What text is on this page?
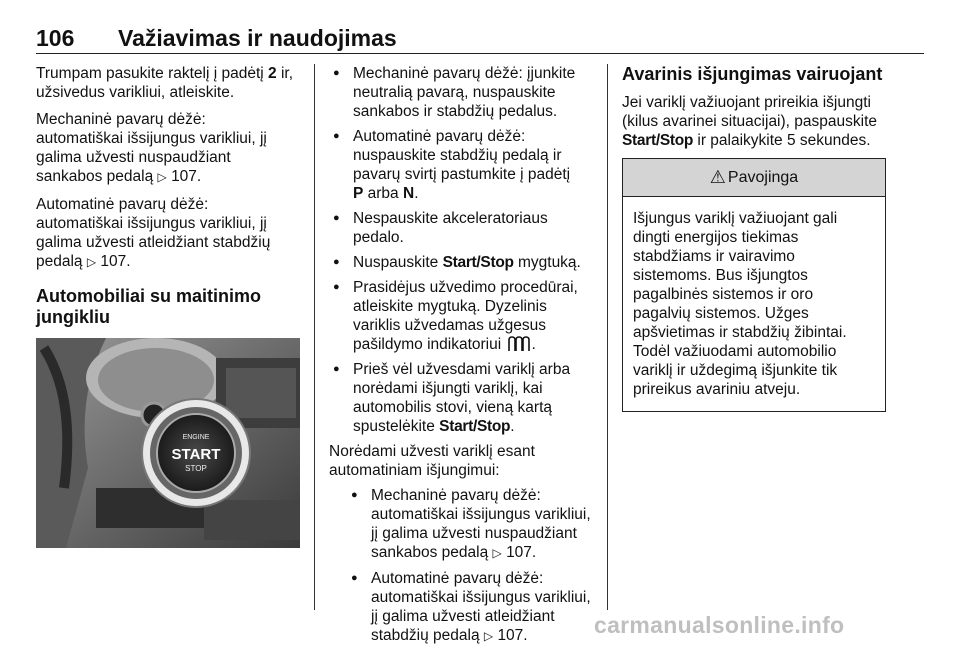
106 Važiavimas ir naudojimas

Trumpam pasukite raktelį į padėtį 2 ir,
užsivedus varikliui, atleiskite.

Mechaninė pavarų dėžė:
automatiškai išsijungus varikliui, jį
galima užvesti nuspaudžiant
sankabos pedalą ▷ 107.

Automatinė pavarų dėžė:
automatiškai išsijungus varikliui, jį
galima užvesti atleidžiant stabdžių
pedalą ▷ 107.

Automobiliai su maitinimo
jungikliu
ENGINE
START
STOP
● Mechaninė pavarų dėžė: įjunkite
neutralią pavarą, nuspauskite
sankabos ir stabdžių pedalus.
● Automatinė pavarų dėžė:
nuspauskite stabdžių pedalą ir
pavarų svirtį pastumkite į padėtį
P arba N.
● Nespauskite akceleratoriaus
pedalo.
● Nuspauskite Start/Stop mygtuką.
● Prasidėjus užvedimo procedūrai,
atleiskite mygtuką. Dyzelinis
variklis užvedamas užgesus
pašildymo indikatoriui .
● Prieš vėl užvesdami variklį arba
norėdami išjungti variklį, kai
automobilis stovi, vieną kartą
spustelėkite Start/Stop.

Norėdami užvesti variklį esant
automatiniam išjungimui:

● Mechaninė pavarų dėžė:
automatiškai išsijungus varikliui,
jį galima užvesti nuspaudžiant
sankabos pedalą ▷ 107.
● Automatinė pavarų dėžė:
automatiškai išsijungus varikliui,
jį galima užvesti atleidžiant
stabdžių pedalą ▷ 107.
Avarinis išjungimas vairuojant

Jei variklį važiuojant prireikia išjungti
(kilus avarinei situacijai), paspauskite
Start/Stop ir palaikykite 5 sekundes.

⚠ Pavojinga
Išjungus variklį važiuojant gali
dingti energijos tiekimas
stabdžiams ir vairavimo
sistemoms. Bus išjungtos
pagalbinės sistemos ir oro
pagalvių sistemos. Užges
apšvietimas ir stabdžių žibintai.
Todėl važiuodami automobilio
variklį ir uždegimą išjunkite tik
prireikus avariniu atveju.
carmanualsonline.info
